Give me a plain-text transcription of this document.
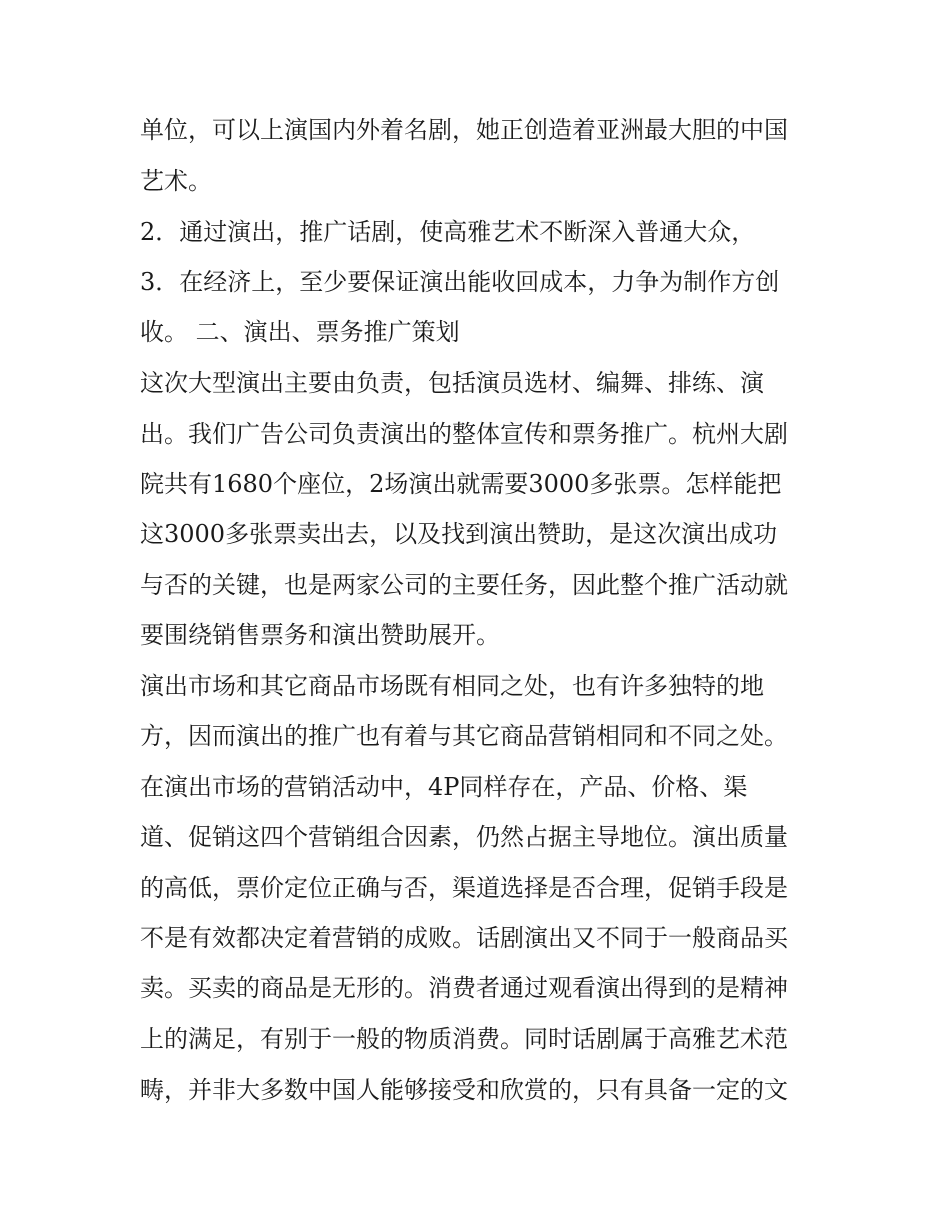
单位，可以上演国内外着名剧，她正创造着亚洲最大胆的中国
艺术。
2．通过演出，推广话剧，使高雅艺术不断深入普通大众，
3．在经济上，至少要保证演出能收回成本，力争为制作方创
收。 二、演出、票务推广策划
这次大型演出主要由负责，包括演员选材、编舞、排练、演
出。我们广告公司负责演出的整体宣传和票务推广。杭州大剧
院共有1680个座位，2场演出就需要3000多张票。怎样能把
这3000多张票卖出去，以及找到演出赞助，是这次演出成功
与否的关键，也是两家公司的主要任务，因此整个推广活动就
要围绕销售票务和演出赞助展开。
演出市场和其它商品市场既有相同之处，也有许多独特的地
方，因而演出的推广也有着与其它商品营销相同和不同之处。
在演出市场的营销活动中，4P同样存在，产品、价格、渠
道、促销这四个营销组合因素，仍然占据主导地位。演出质量
的高低，票价定位正确与否，渠道选择是否合理，促销手段是
不是有效都决定着营销的成败。话剧演出又不同于一般商品买
卖。买卖的商品是无形的。消费者通过观看演出得到的是精神
上的满足，有别于一般的物质消费。同时话剧属于高雅艺术范
畴，并非大多数中国人能够接受和欣赏的，只有具备一定的文
